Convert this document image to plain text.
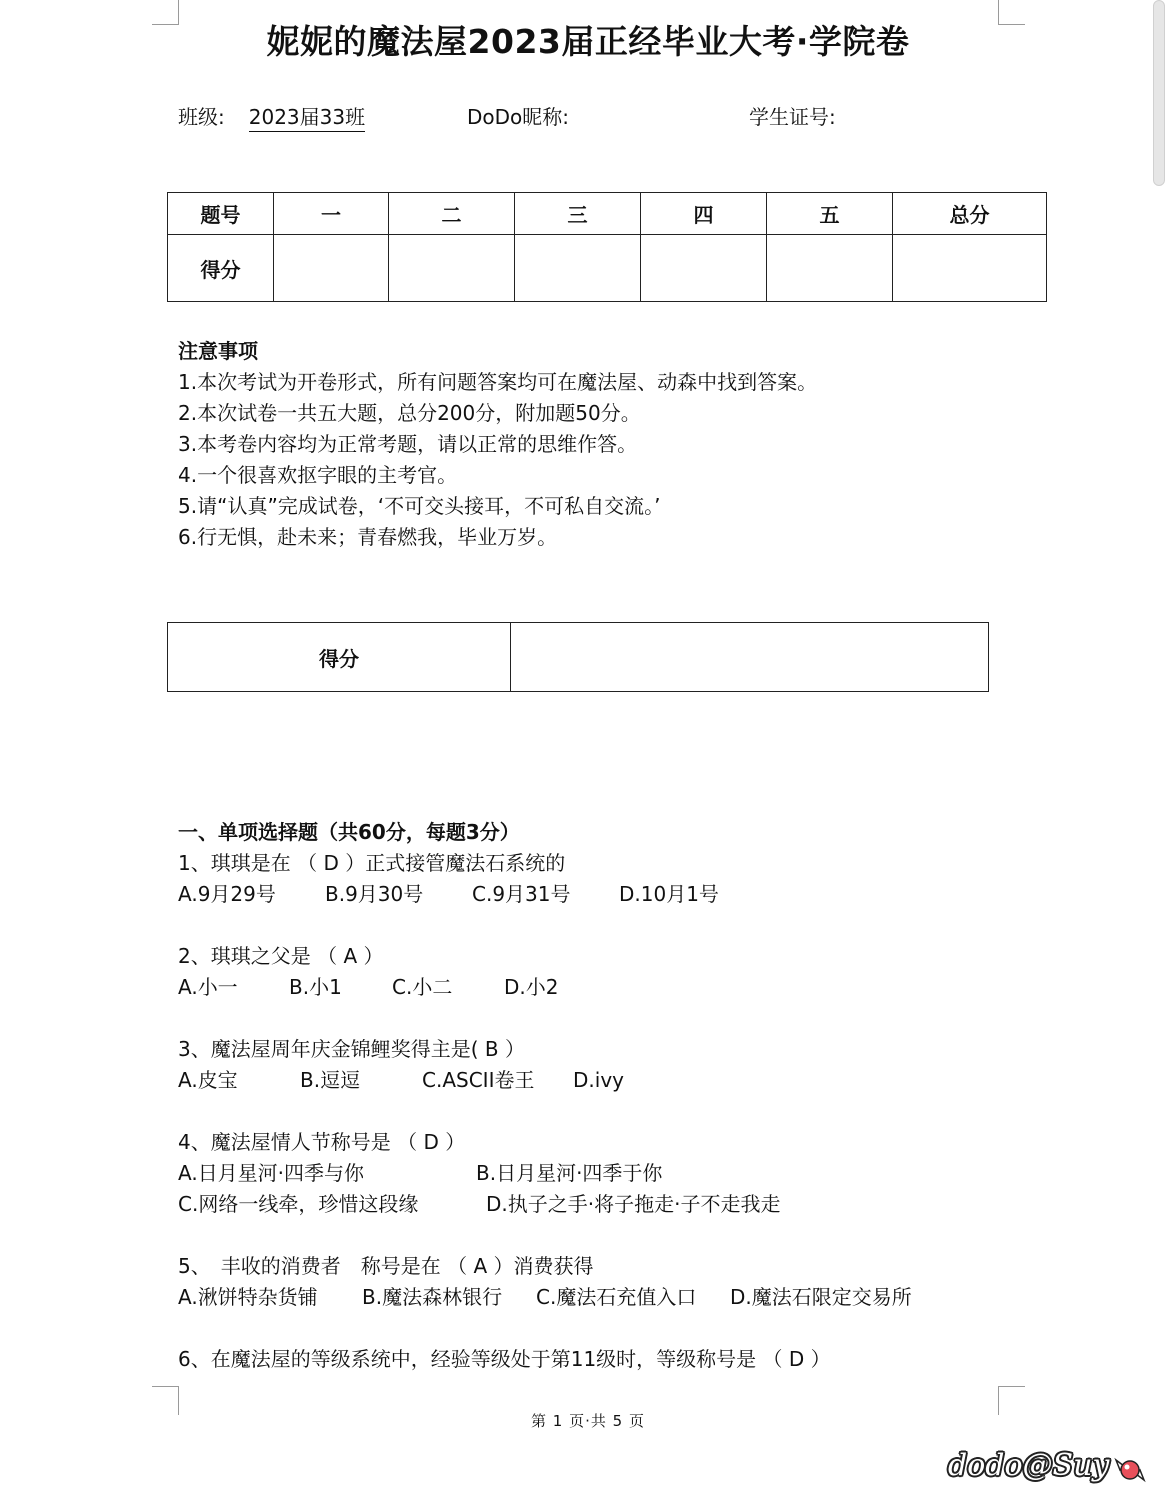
妮妮的魔法屋2023届正经毕业大考·学院卷
班级: 2023届33班	DoDo昵称:	学生证号:
题号	一	二	三	四	五	总分
得分						
注意事项
1.本次考试为开卷形式，所有问题答案均可在魔法屋、动森中找到答案。
2.本次试卷一共五大题，总分200分，附加题50分。
3.本考卷内容均为正常考题，请以正常的思维作答。
4.一个很喜欢抠字眼的主考官。
5.请“认真”完成试卷，‘不可交头接耳，不可私自交流。’
6.行无惧，赴未来；青春燃我，毕业万岁。
得分	
一、单项选择题（共60分，每题3分）
1、琪琪是在 （ D ）正式接管魔法石系统的
A.9月29号 B.9月30号 C.9月31号 D.10月1号
2、琪琪之父是 （ A ）
A.小一	B.小1	C.小二	D.小2
3、魔法屋周年庆金锦鲤奖得主是( B ）
A.皮宝	B.逗逗	C.ASCII卷王 D.ivy
4、魔法屋情人节称号是 （ D ）
A.日月星河·四季与你	B.日月星河·四季于你
C.网络一线牵，珍惜这段缘	D.执子之手·将子拖走·子不走我走
5、　丰收的消费者　称号是在 （ A ）消费获得
A.湫饼特杂货铺 B.魔法森林银行 C.魔法石充值入口 D.魔法石限定交易所
6、在魔法屋的等级系统中，经验等级处于第11级时，等级称号是 （ D ）
第 1 页·共 5 页
dodo@Suy
